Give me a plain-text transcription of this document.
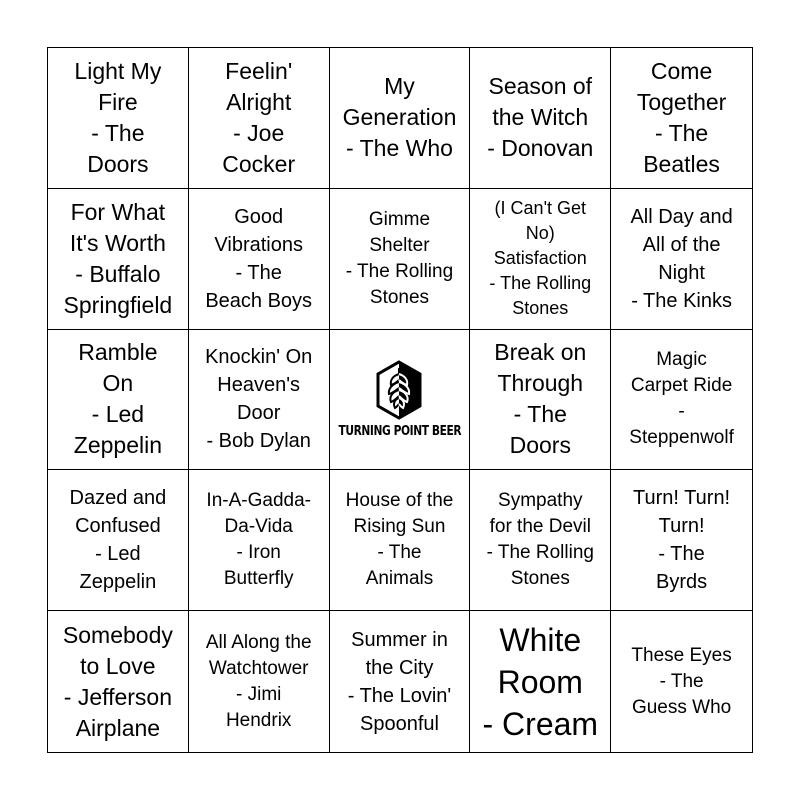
Light My
Fire
- The
Doors
Feelin'
Alright
- Joe
Cocker
My
Generation
- The Who
Season of
the Witch
- Donovan
Come
Together
- The
Beatles
For What
It's Worth
- Buffalo
Springfield
Good
Vibrations
- The
Beach Boys
Gimme
Shelter
- The Rolling
Stones
(I Can't Get
No)
Satisfaction
- The Rolling
Stones
All Day and
All of the
Night
- The Kinks
Ramble
On
- Led
Zeppelin
Knockin' On
Heaven's
Door
- Bob Dylan TURNING POINT BEER
Break on
Through
- The
Doors
Magic
Carpet Ride
-
Steppenwolf
Dazed and
Confused
- Led
Zeppelin
In-A-Gadda-
Da-Vida
- Iron
Butterfly
House of the
Rising Sun
- The
Animals
Sympathy
for the Devil
- The Rolling
Stones
Turn! Turn!
Turn!
- The
Byrds
Somebody
to Love
- Jefferson
Airplane
All Along the
Watchtower
- Jimi
Hendrix
Summer in
the City
- The Lovin'
Spoonful
White
Room
- Cream
These Eyes
- The
Guess Who
